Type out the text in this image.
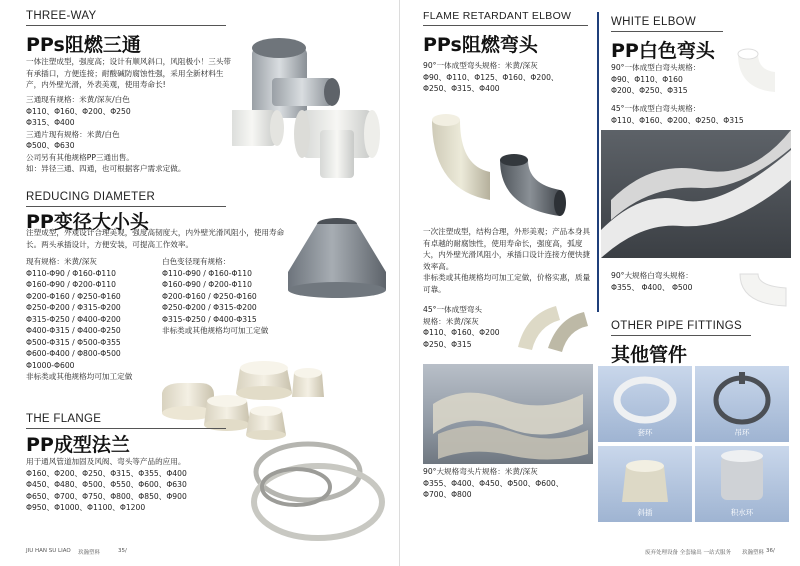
THREE-WAY
PPs阻燃三通
一体注塑成型，强度高；设计有顺风斜口，风阻极小！三头带有承插口，方便连接；耐酸碱防腐蚀性强，采用全新材料生产，内外壁光滑，外表美观，使用寿命长!
三通现有规格：米黄/深灰/白色
Φ110、Φ160、Φ200、Φ250
Φ315、Φ400
三通片现有规格：米黄/白色
Φ500、Φ630
公司另有其他规格PP三通出售。
如：异径三通、四通，也可根据客户需求定做。
REDUCING DIAMETER
PP变径大小头
注塑成型，外观设计合理美观，强度高韧度大，内外壁光滑风阻小，使用寿命长。两头承插设计，方便安装，可提高工作效率。
现有规格：米黄/深灰
Φ110-Φ90 / Φ160-Φ110
Φ160-Φ90 / Φ200-Φ110
Φ200-Φ160 / Φ250-Φ160
Φ250-Φ200 / Φ315-Φ200
Φ315-Φ250 / Φ400-Φ200
Φ400-Φ315 / Φ400-Φ250
Φ500-Φ315 / Φ500-Φ355
Φ600-Φ400 / Φ800-Φ500
Φ1000-Φ600
非标类或其他规格均可加工定做
白色变径现有规格：
Φ110-Φ90 / Φ160-Φ110
Φ160-Φ90 / Φ200-Φ110
Φ200-Φ160 / Φ250-Φ160
Φ250-Φ200 / Φ315-Φ200
Φ315-Φ250 / Φ400-Φ315
非标类或其他规格均可加工定做
THE FLANGE
PP成型法兰
用于通风管道加固及风阀、弯头等产品的应用。
Φ160、Φ200、Φ250、Φ315、Φ355、Φ400
Φ450、Φ480、Φ500、Φ550、Φ600、Φ630
Φ650、Φ700、Φ750、Φ800、Φ850、Φ900
Φ950、Φ1000、Φ1100、Φ1200
JIU HAN SU LIAO 玖瀚塑料	35/
FLAME RETARDANT ELBOW
PPs阻燃弯头
90°一体成型弯头规格：米黄/深灰
Φ90、Φ110、Φ125、Φ160、Φ200、
Φ250、Φ315、Φ400
一次注塑成型，结构合理，外形美观；产品本身具有卓越的耐腐蚀性，使用寿命长，强度高，弧度大，内外壁光滑风阻小，承插口设计连接方便快捷效率高。
非标类或其他规格均可加工定做，价格实惠，质量可靠。
45°一体成型弯头
规格：米黄/深灰
Φ110、Φ160、Φ200
Φ250、Φ315
90°大规格弯头片规格：米黄/深灰
Φ355、Φ400、Φ450、Φ500、Φ600、
Φ700、Φ800
WHITE ELBOW
PP白色弯头
90°一体成型白弯头规格：
Φ90、Φ110、Φ160
Φ200、Φ250、Φ315
45°一体成型白弯头规格：
Φ110、Φ160、Φ200、Φ250、Φ315
90°大规格白弯头规格：
Φ355、 Φ400、 Φ500
OTHER PIPE FITTINGS
其他管件
套环	吊环
斜插	积水环
废弃处理设备 全套输出 一站式服务 玖瀚塑料 36/
